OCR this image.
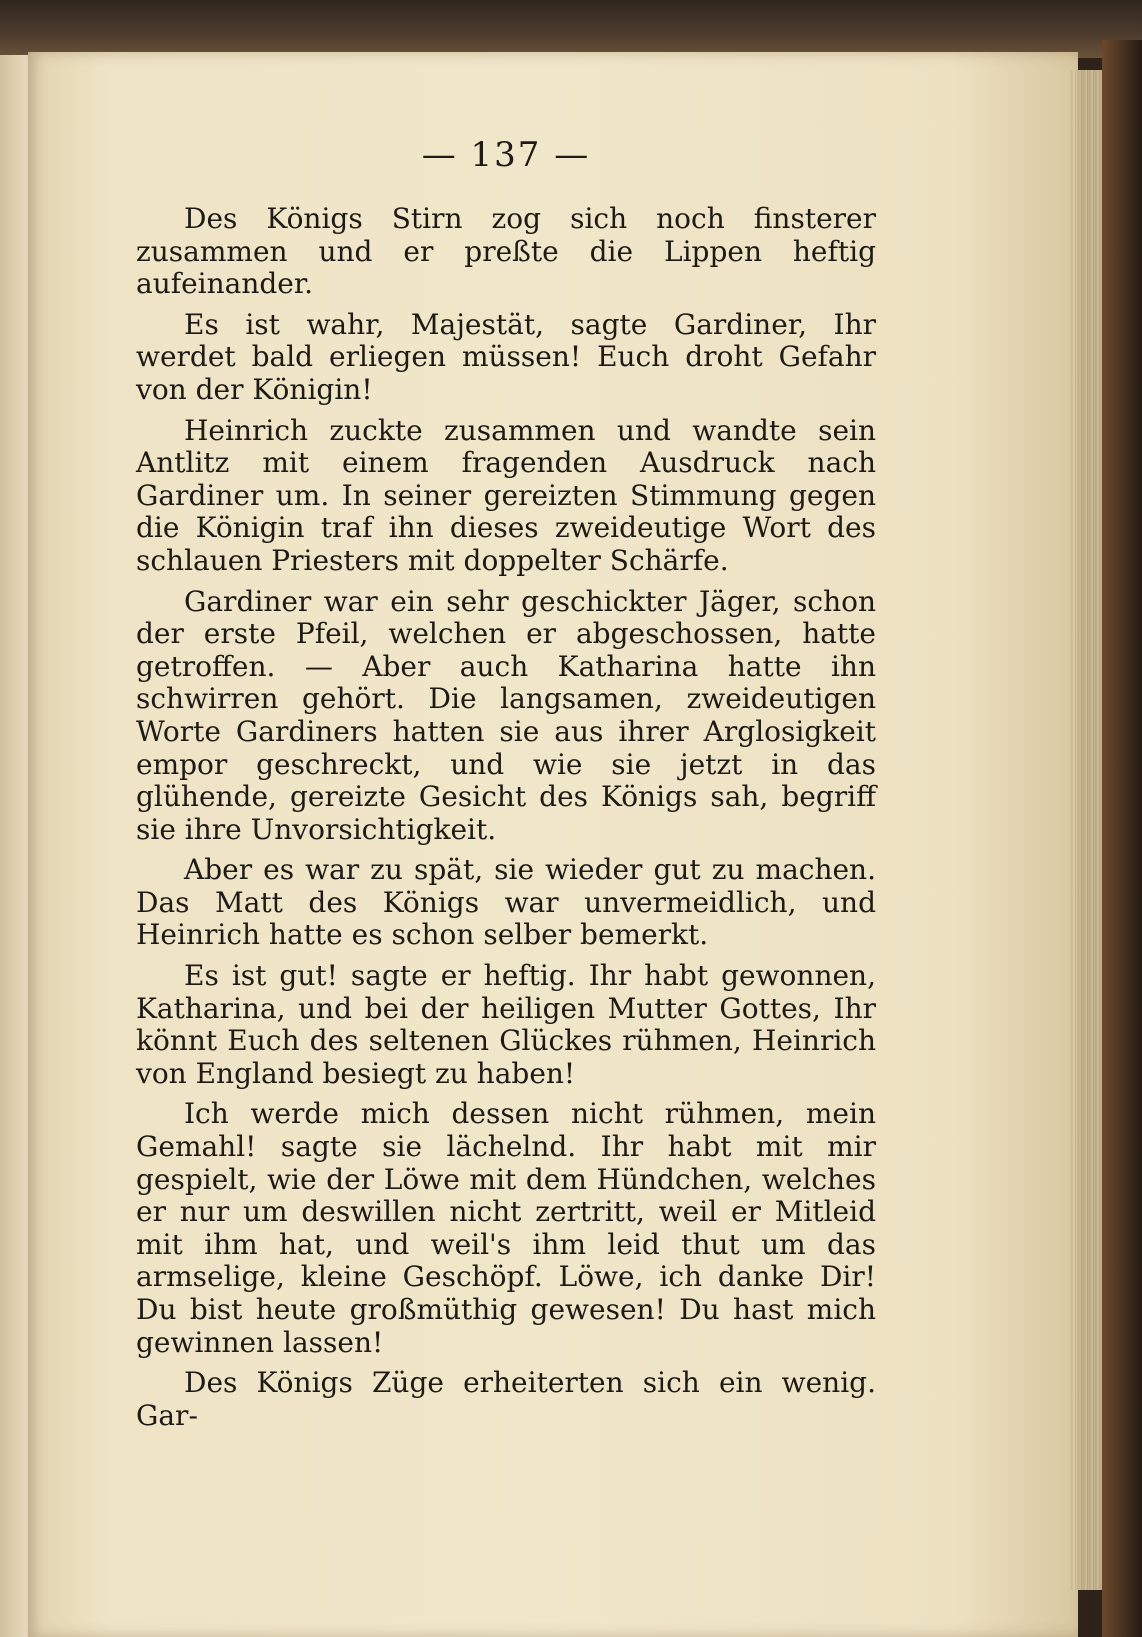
— 137 —

Des Königs Stirn zog sich noch finsterer zusammen und er preßte die Lippen heftig aufeinander.

Es ist wahr, Majestät, sagte Gardiner, Ihr werdet bald erliegen müssen! Euch droht Gefahr von der Königin!

Heinrich zuckte zusammen und wandte sein Antlitz mit einem fragenden Ausdruck nach Gardiner um. In seiner gereizten Stimmung gegen die Königin traf ihn dieses zweideutige Wort des schlauen Priesters mit doppelter Schärfe.

Gardiner war ein sehr geschickter Jäger, schon der erste Pfeil, welchen er abgeschossen, hatte getroffen. — Aber auch Katharina hatte ihn schwirren gehört. Die langsamen, zweideutigen Worte Gardiners hatten sie aus ihrer Arglosigkeit empor geschreckt, und wie sie jetzt in das glühende, gereizte Gesicht des Königs sah, begriff sie ihre Unvorsichtigkeit.

Aber es war zu spät, sie wieder gut zu machen. Das Matt des Königs war unvermeidlich, und Heinrich hatte es schon selber bemerkt.

Es ist gut! sagte er heftig. Ihr habt gewonnen, Katharina, und bei der heiligen Mutter Gottes, Ihr könnt Euch des seltenen Glückes rühmen, Heinrich von England besiegt zu haben!

Ich werde mich dessen nicht rühmen, mein Gemahl! sagte sie lächelnd. Ihr habt mit mir gespielt, wie der Löwe mit dem Hündchen, welches er nur um deswillen nicht zertritt, weil er Mitleid mit ihm hat, und weil's ihm leid thut um das armselige, kleine Geschöpf. Löwe, ich danke Dir! Du bist heute großmüthig gewesen! Du hast mich gewinnen lassen!

Des Königs Züge erheiterten sich ein wenig. Gar-
